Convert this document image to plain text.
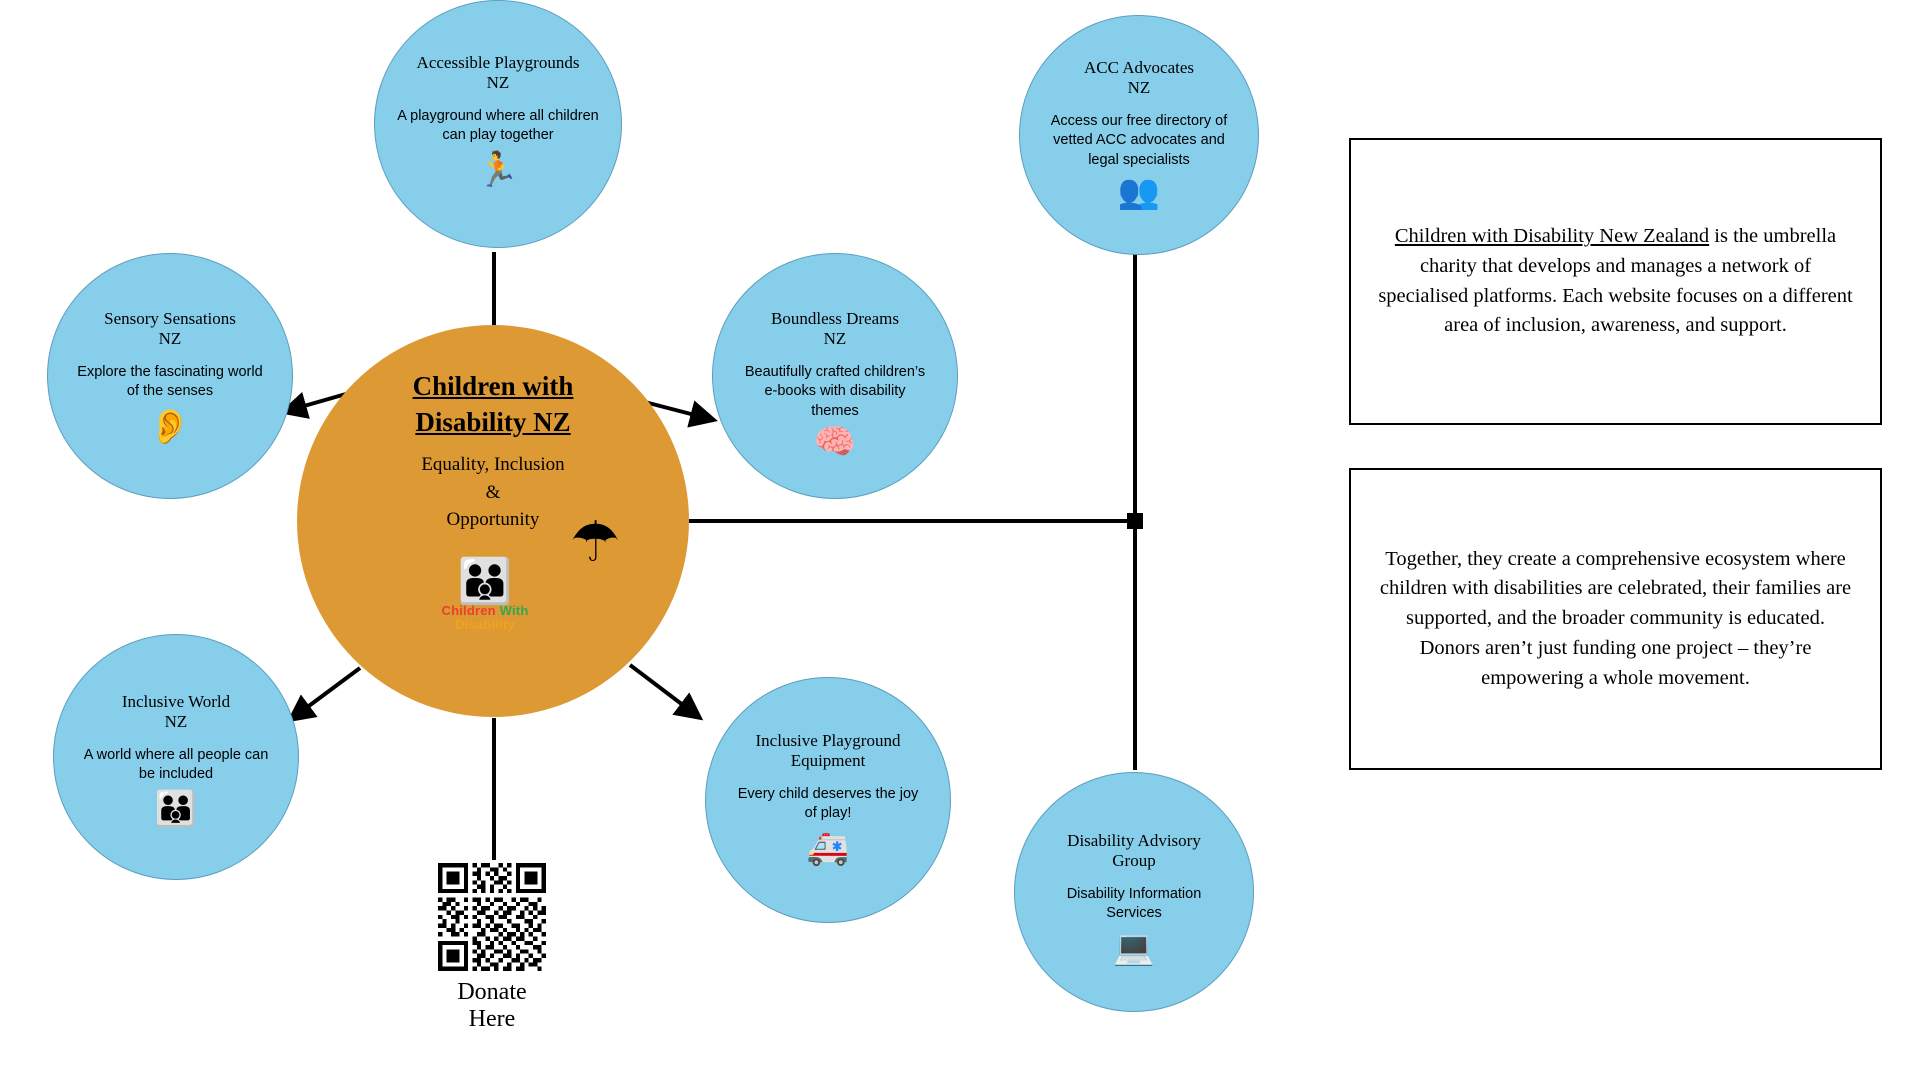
Children with
Disability NZ
Equality, Inclusion
&
Opportunity ☂
👪
Children With
Disability
Accessible Playgrounds
NZ
A playground where all children can play together
🏃
Sensory Sensations
NZ
Explore the fascinating world of the senses
👂
Boundless Dreams
NZ
Beautifully crafted children’s e-books with disability themes
🧠
Inclusive World
NZ
A world where all people can be included
👪
Inclusive Playground
Equipment
Every child deserves the joy of play!
🚑
ACC Advocates
NZ
Access our free directory of vetted ACC advocates and legal specialists
👥
Disability Advisory
Group
Disability Information Services
💻
Children with Disability New Zealand is the umbrella charity that develops and manages a network of specialised platforms. Each website focuses on a different area of inclusion, awareness, and support.
Together, they create a comprehensive ecosystem where children with disabilities are celebrated, their families are supported, and the broader community is educated. Donors aren’t just funding one project – they’re empowering a whole movement.
Donate Here
